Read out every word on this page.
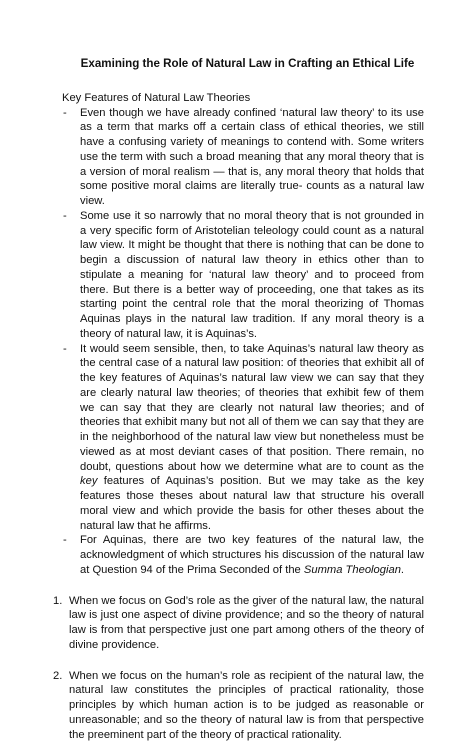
Examining the Role of Natural Law in Crafting an Ethical Life
Key Features of Natural Law Theories
- Even though we have already confined ‘natural law theory’ to its use as a term that marks off a certain class of ethical theories, we still have a confusing variety of meanings to contend with. Some writers use the term with such a broad meaning that any moral theory that is a version of moral realism — that is, any moral theory that holds that some positive moral claims are literally true- counts as a natural law view.
- Some use it so narrowly that no moral theory that is not grounded in a very specific form of Aristotelian teleology could count as a natural law view. It might be thought that there is nothing that can be done to begin a discussion of natural law theory in ethics other than to stipulate a meaning for ‘natural law theory’ and to proceed from there. But there is a better way of proceeding, one that takes as its starting point the central role that the moral theorizing of Thomas Aquinas plays in the natural law tradition. If any moral theory is a theory of natural law, it is Aquinas’s.
- It would seem sensible, then, to take Aquinas’s natural law theory as the central case of a natural law position: of theories that exhibit all of the key features of Aquinas’s natural law view we can say that they are clearly natural law theories; of theories that exhibit few of them we can say that they are clearly not natural law theories; and of theories that exhibit many but not all of them we can say that they are in the neighborhood of the natural law view but nonetheless must be viewed as at most deviant cases of that position. There remain, no doubt, questions about how we determine what are to count as the key features of Aquinas’s position. But we may take as the key features those theses about natural law that structure his overall moral view and which provide the basis for other theses about the natural law that he affirms.
- For Aquinas, there are two key features of the natural law, the acknowledgment of which structures his discussion of the natural law at Question 94 of the Prima Seconded of the Summa Theologian.
1. When we focus on God’s role as the giver of the natural law, the natural law is just one aspect of divine providence; and so the theory of natural law is from that perspective just one part among others of the theory of divine providence.
2. When we focus on the human’s role as recipient of the natural law, the natural law constitutes the principles of practical rationality, those principles by which human action is to be judged as reasonable or unreasonable; and so the theory of natural law is from that perspective the preeminent part of the theory of practical rationality.
